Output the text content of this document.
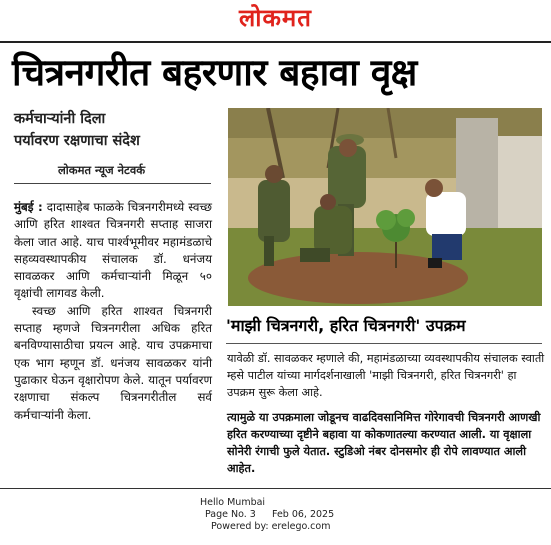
लोकमत
चित्रनगरीत बहरणार बहावा वृक्ष
कर्मचाऱ्यांनी दिला
पर्यावरण रक्षणाचा संदेश
लोकमत न्यूज नेटवर्क

मुंबई : दादासाहेब फाळके चित्रनगरीमध्ये स्वच्छ आणि हरित शाश्वत चित्रनगरी सप्ताह साजरा केला जात आहे. याच पार्श्वभूमीवर महामंडळाचे सहव्यवस्थापकीय संचालक डॉ. धनंजय सावळकर आणि कर्मचाऱ्यांनी मिळून ५० वृक्षांची लागवड केली.

स्वच्छ आणि हरित शाश्वत चित्रनगरी सप्ताह म्हणजे चित्रनगरीला अधिक हरित बनविण्यासाठीचा प्रयत्न आहे. याच उपक्रमाचा एक भाग म्हणून डॉ. धनंजय सावळकर यांनी पुढाकार घेऊन वृक्षारोपण केले. यातून पर्यावरण रक्षणाचा संकल्प चित्रनगरीतील सर्व कर्मचाऱ्यांनी केला.

'माझी चित्रनगरी, हरित चित्रनगरी' उपक्रम

यावेळी डॉ. सावळकर म्हणाले की, महामंडळाच्या व्यवस्थापकीय संचालक स्वाती म्हसे पाटील यांच्या मार्गदर्शनाखाली 'माझी चित्रनगरी, हरित चित्रनगरी' हा उपक्रम सुरू केला आहे.

त्यामुळे या उपक्रमाला जोडूनच वाढदिवसानिमित्त गोरेगावची चित्रनगरी आणखी हरित करण्याच्या दृष्टीने बहावा या कोकणातल्या करण्यात आली. या वृक्षाला सोनेरी रंगाची फुले येतात. स्टुडिओ नंबर दोनसमोर ही रोपे लावण्यात आली आहेत.

Hello Mumbai
Page No. 3 Feb 06, 2025
Powered by: erelego.com
